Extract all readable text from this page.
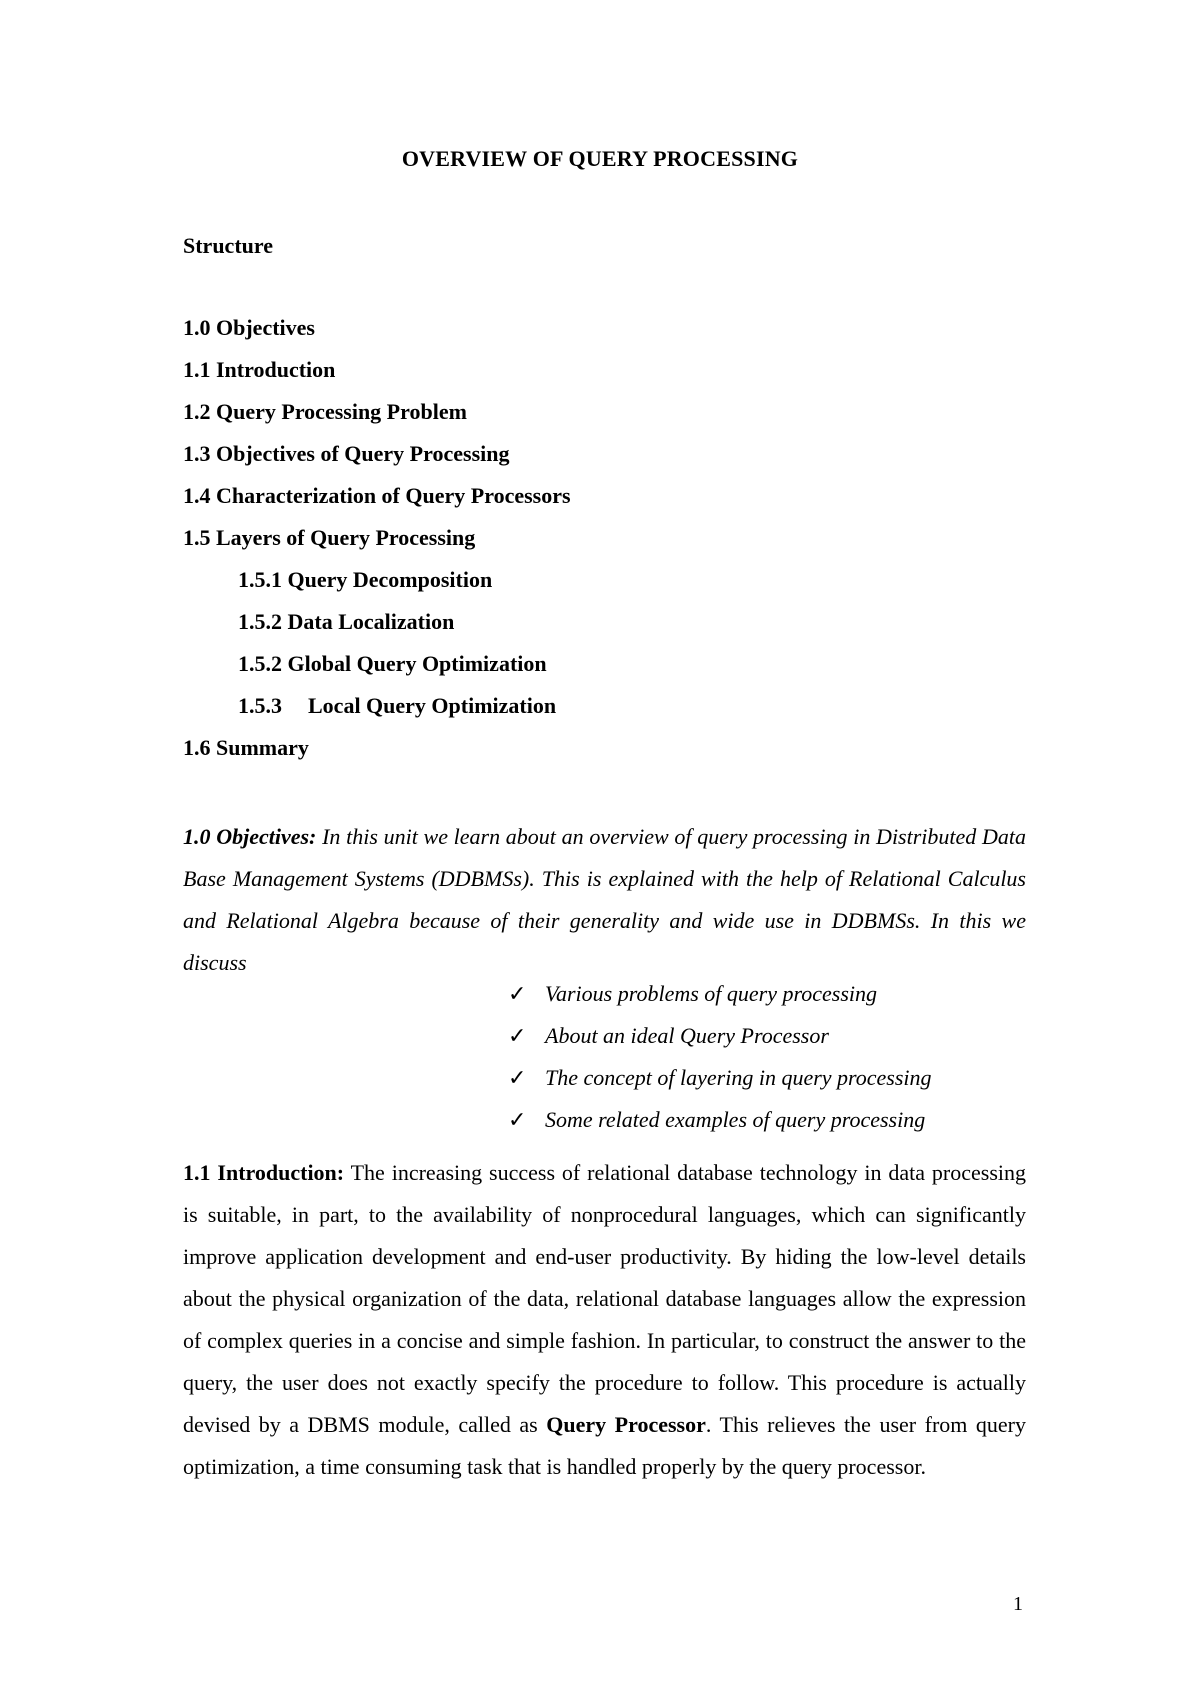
OVERVIEW OF QUERY PROCESSING
Structure
1.0 Objectives
1.1 Introduction
1.2 Query Processing Problem
1.3 Objectives of Query Processing
1.4 Characterization of Query Processors
1.5 Layers of Query Processing
1.5.1 Query Decomposition
1.5.2 Data Localization
1.5.2 Global Query Optimization
1.5.3 Local Query Optimization
1.6 Summary

1.0 Objectives: In this unit we learn about an overview of query processing in Distributed Data Base Management Systems (DDBMSs). This is explained with the help of Relational Calculus and Relational Algebra because of their generality and wide use in DDBMSs. In this we discuss

✓ Various problems of query processing
✓ About an ideal Query Processor
✓ The concept of layering in query processing
✓ Some related examples of query processing

1.1 Introduction: The increasing success of relational database technology in data processing is suitable, in part, to the availability of nonprocedural languages, which can significantly improve application development and end-user productivity. By hiding the low-level details about the physical organization of the data, relational database languages allow the expression of complex queries in a concise and simple fashion. In particular, to construct the answer to the query, the user does not exactly specify the procedure to follow. This procedure is actually devised by a DBMS module, called as Query Processor. This relieves the user from query optimization, a time consuming task that is handled properly by the query processor.

1
